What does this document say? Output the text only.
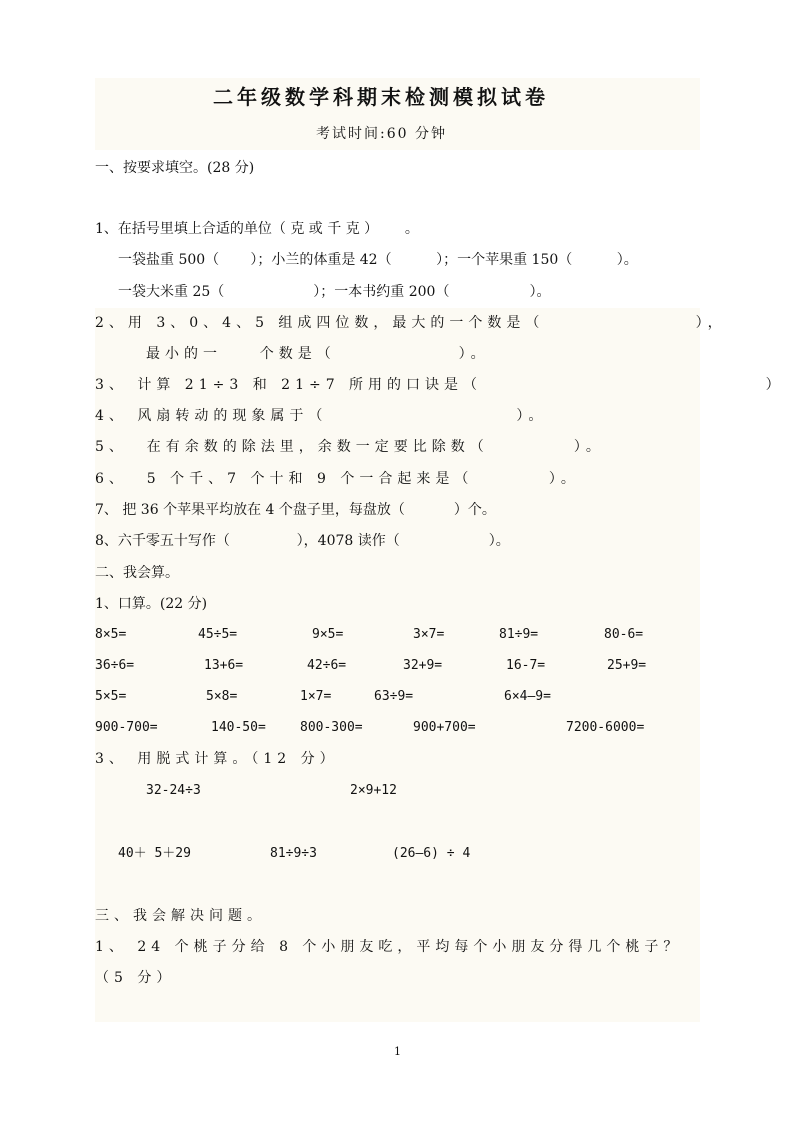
二年级数学科期末检测模拟试卷
考试时间:60 分钟
一、按要求填空。(28 分)
1、在括号里填上合适的单位（ 克 或 千 克 ）      。
一袋盐重 500（       ）；小兰的体重是 42（          ）；一个苹果重 150（          ）。
一袋大米重 25（                    ）；一本书约重 200（                  ）。
2、用 3、0、4、5 组成四位数，最大的一个数是（                ），
最小的一    个数是（             ）。
3、 计算 21÷3 和 21÷7 所用的口诀是（                              ）
4、 风扇转动的现象属于（                    ）。
5、  在有余数的除法里，余数一定要比除数（         ）。
6、  5 个千、7 个十和 9 个一合起来是（        ）。
7、 把 36 个苹果平均放在 4 个盘子里，每盘放（           ）个。
8、六千零五十写作（               ），4078 读作（                    ）。
二、我会算。
1、口算。(22 分)
8×5=	45÷5=	9×5=	3×7=	81÷9=	80-6=
36÷6=	13+6=	42÷6=	32+9=	16-7=	25+9=
5×5=	5×8=	1×7=	63÷9=	6×4—9=
900-700=	140-50=	800-300=	900+700=	7200-6000=
3、 用脱式计算。（12 分）
32-24÷3	2×9+12
40＋ 5＋29	81÷9÷3	(26—6) ÷ 4
三、我会解决问题。
1、 24 个桃子分给 8 个小朋友吃，平均每个小朋友分得几个桃子？
（5 分）
1
